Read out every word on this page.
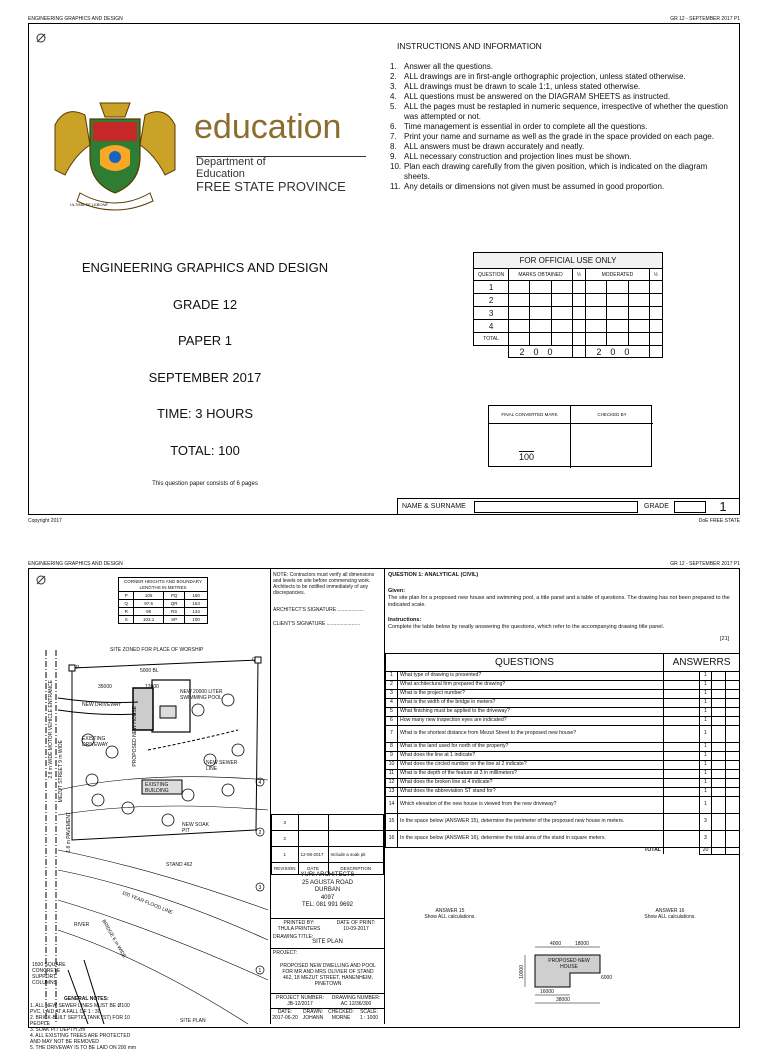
ENGINEERING GRAPHICS AND DESIGN	GR 12 - SEPTEMBER 2017 P1
ULTIMA SE LEBONE
education
Department of
Education
FREE STATE PROVINCE
INSTRUCTIONS AND INFORMATION
1. Answer all the questions.
2. ALL drawings are in first-angle orthographic projection, unless stated otherwise.
3. ALL drawings must be drawn to scale 1:1, unless stated otherwise.
4. ALL questions must be answered on the DIAGRAM SHEETS as instructed.
5. ALL the pages must be restapled in numeric sequence, irrespective of whether the question was attempted or not.
6. Time management is essential in order to complete all the questions.
7. Print your name and surname as well as the grade in the space provided on each page.
8. ALL answers must be drawn accurately and neatly.
9. ALL necessary construction and projection lines must be shown.
10. Plan each drawing carefully from the given position, which is indicated on the diagram sheets.
11. Any details or dimensions not given must be assumed in good proportion.
ENGINEERING GRAPHICS AND DESIGN
GRADE 12
PAPER 1
SEPTEMBER 2017
TIME: 3 HOURS
TOTAL: 100
This question paper consists of 6 pages
FOR OFFICIAL USE ONLY				
QUESTION	MARKS OBTAINED	½	MODERATED	½
1	

2	

3	

4	

TOTAL	

	200		200	
FINAL CONVERTED MARK	CHECKED BY
100
NAME & SURNAME	GRADE	1
Copyright 2017	DoE FREE STATE
ENGINEERING GRAPHICS AND DESIGN	GR 12 - SEPTEMBER 2017 P1
CORNER HEIGHTS AND BOUNDARY LENGTHS IN METRES
P	105	PQ	160
Q	97.5	QR	163
R	95	RS	134
S	103.1	SP	100
4
2
3
1
SITE ZONED FOR PLACE OF WORSHIP
P
Q
5000 BL
35000	12000
NEW 20000 LITER SWIMMING POOL
NEW DRIVEWAY
PROPOSED NEW HOUSE
EXISTING DRIVEWAY
NEW SEWER LINE
EXISTING BUILDING
NEW SOAK PIT
STAND 462
2.8 m WIDE MOTOR VEHICLE ENTRANCE MEZUT STREET 9 m WIDE
1.8 m PAVEMENT
100 YEAR FLOOD LINE
RIVER BRIDGE 6 m WIDE
1500 SQUARE CONCRETE SUPPORT COLUMNS
SITE PLAN
GENERAL NOTES:
1. ALL NEW SEWER LINES MUST BE Ø100 PVC, LAID AT A FALL OF 1 : 30
2. BRICK-BUILT SEPTIC TANK (ST) FOR 10 PEOPLE
3. SOAK PIT DEPTH 2m
4. ALL EXISTING TREES ARE PROTECTED AND MAY NOT BE REMOVED
5. THE DRIVEWAY IS TO BE LAID ON 200 mm
NOTE: Contractors must verify all dimensions and levels on site before commencing work. Architects to be notified immediately of any discrepancies.
ARCHITECT'S SIGNATURE ...................
CLIENT'S SIGNATURE ........................
3		
2		
1	12-08-2017	Include a soak pit
REVISION	DATE	DESCRIPTION
YURI ARCHITECTS
25 AGUSTA ROAD
DURBAN
4097
TEL: 081 991 9692
PRINTED BY:
THULA PRINTERS
DATE OF PRINT:
10-09-2017
DRAWING TITLE:
SITE PLAN
PROJECT:
PROPOSED NEW DWELLING AND POOL FOR MR AND MRS OLIVIER OF STAND 462, 18 MEZUT STREET, HANENHEIM, PINETOWN
PROJECT NUMBER:
JB-12/2017
DRAWING NUMBER:
AC 12/36/300
DATE:
2017-06-20
DRAWN:
JOHANN
CHECKED:
MORNE
SCALE:
1 : 1000
QUESTION 1: ANALYTICAL (CIVIL)
Given:
The site plan for a proposed new house and swimming pool, a title panel and a table of questions. The drawing has not been prepared to the indicated scale.
Instructions:
Complete the table below by neatly answering the questions, which refer to the accompanying drawing title panel.
[21]
QUESTIONS		ANSWERRS			
1	What type of drawing is presented?		1		
2	What architectural firm prepared the drawing?		1		
3	What is the project number?		1		
4	What is the width of the bridge in meters?		1		
5	What finishing must be applied to the driveway?		1		
6	How many new inspection eyes are indicated?		1		
7	What is the shortest distance from Mezut Street to the proposed new house?		1		
8	What is the land used for north of the property?		1		
9	What does the line at 1 indicate?		1		
10	What does the circled number on the line at 2 indicate?		1		
11	What is the depth of the feature at 3 in millimeters?		1		
12	What does the broken line at 4 indicate?		1		
13	What does the abbreviation ST stand for?		1		
14	Which elevation of the new house is viewed from the new driveway?		1		
15	In the space below (ANSWER 15), determine the perimeter of the proposed new house in meters.		3		
16	In the space below (ANSWER 16), determine the total area of the stand in square meters.		3		
TOTAL			20		
ANSWER 15
Show ALL calculations.
ANSWER 16
Show ALL calculations.
4000	18000
10000
PROPOSED NEW HOUSE
16000
38000
6000
